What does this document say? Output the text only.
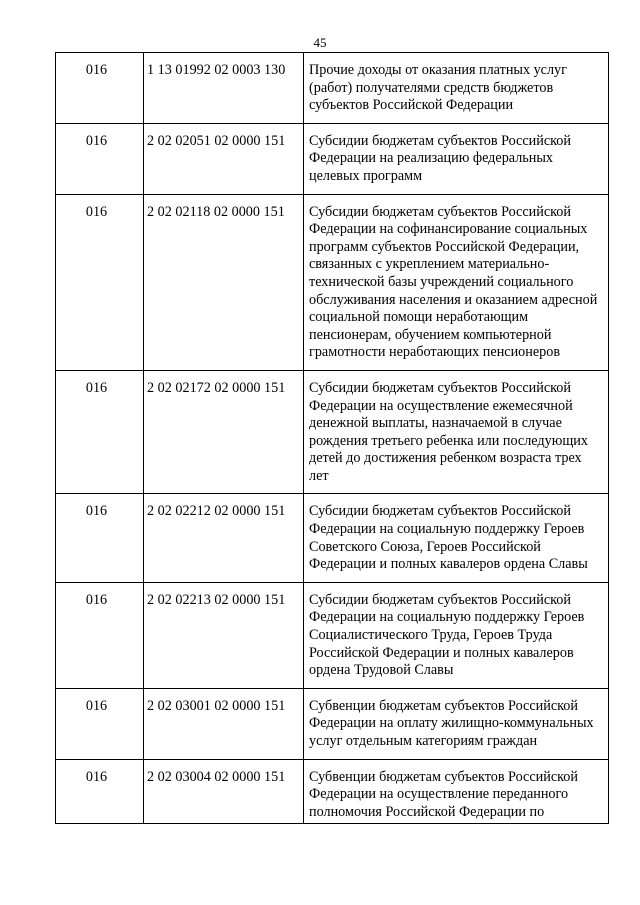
45
016	1 13 01992 02 0003 130	Прочие доходы от оказания платных услуг (работ) получателями средств бюджетов субъектов Российской Федерации
016	2 02 02051 02 0000 151	Субсидии бюджетам субъектов Российской Федерации на реализацию федеральных целевых программ
016	2 02 02118 02 0000 151	Субсидии бюджетам субъектов Российской Федерации на софинансирование социальных программ субъектов Российской Федерации, связанных с укреплением материально-технической базы учреждений социального обслуживания населения и оказанием адресной социальной помощи неработающим пенсионерам, обучением компьютерной грамотности неработающих пенсионеров
016	2 02 02172 02 0000 151	Субсидии бюджетам субъектов Российской Федерации на осуществление ежемесячной денежной выплаты, назначаемой в случае рождения третьего ребенка или последующих детей до достижения ребенком возраста трех лет
016	2 02 02212 02 0000 151	Субсидии бюджетам субъектов Российской Федерации на социальную поддержку Героев Советского Союза, Героев Российской Федерации и полных кавалеров ордена Славы
016	2 02 02213 02 0000 151	Субсидии бюджетам субъектов Российской Федерации на социальную поддержку Героев Социалистического Труда, Героев Труда Российской Федерации и полных кавалеров ордена Трудовой Славы
016	2 02 03001 02 0000 151	Субвенции бюджетам субъектов Российской Федерации на оплату жилищно-коммунальных услуг отдельным категориям граждан
016	2 02 03004 02 0000 151	Субвенции бюджетам субъектов Российской Федерации на осуществление переданного полномочия Российской Федерации по
